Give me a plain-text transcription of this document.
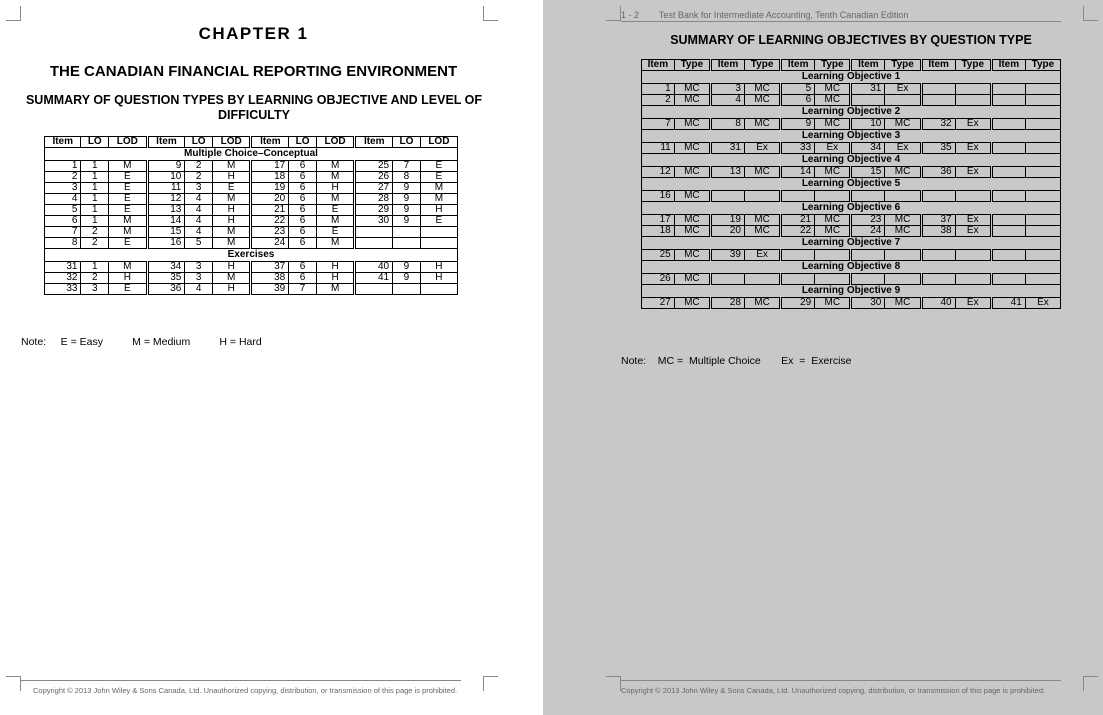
CHAPTER 1
THE CANADIAN FINANCIAL REPORTING ENVIRONMENT
SUMMARY OF QUESTION TYPES BY LEARNING OBJECTIVE AND LEVEL OF DIFFICULTY
Item	LO	LOD	Item	LO	LOD	Item	LO	LOD	Item	LO	LOD
Multiple Choice–Conceptual											
1	1	M	9	2	M	17	6	M	25	7	E
2	1	E	10	2	H	18	6	M	26	8	E
3	1	E	11	3	E	19	6	H	27	9	M
4	1	E	12	4	M	20	6	M	28	9	M
5	1	E	13	4	H	21	6	E	29	9	H
6	1	M	14	4	H	22	6	M	30	9	E
7	2	M	15	4	M	23	6	E			
8	2	E	16	5	M	24	6	M			
Exercises											
31	1	M	34	3	H	37	6	H	40	9	H
32	2	H	35	3	M	38	6	H	41	9	H
33	3	E	36	4	H	39	7	M			
Note:     E = Easy          M = Medium          H = Hard
Copyright © 2013 John Wiley & Sons Canada, Ltd. Unauthorized copying, distribution, or transmission of this page is prohibited.
1 - 2        Test Bank for Intermediate Accounting, Tenth Canadian Edition
SUMMARY OF LEARNING OBJECTIVES BY QUESTION TYPE
Item	Type	Item	Type	Item	Type	Item	Type	Item	Type	Item	Type
Learning Objective 1											
1	MC	3	MC	5	MC	31	Ex				
2	MC	4	MC	6	MC						
Learning Objective 2											
7	MC	8	MC	9	MC	10	MC	32	Ex		
Learning Objective 3											
11	MC	31	Ex	33	Ex	34	Ex	35	Ex		
Learning Objective 4											
12	MC	13	MC	14	MC	15	MC	36	Ex		
Learning Objective 5											
16	MC										
Learning Objective 6											
17	MC	19	MC	21	MC	23	MC	37	Ex		
18	MC	20	MC	22	MC	24	MC	38	Ex		
Learning Objective 7											
25	MC	39	Ex								
Learning Objective 8											
26	MC										
Learning Objective 9											
27	MC	28	MC	29	MC	30	MC	40	Ex	41	Ex
Note:    MC =  Multiple Choice       Ex  =  Exercise
Copyright © 2013 John Wiley & Sons Canada, Ltd. Unauthorized copying, distribution, or transmission of this page is prohibited.
